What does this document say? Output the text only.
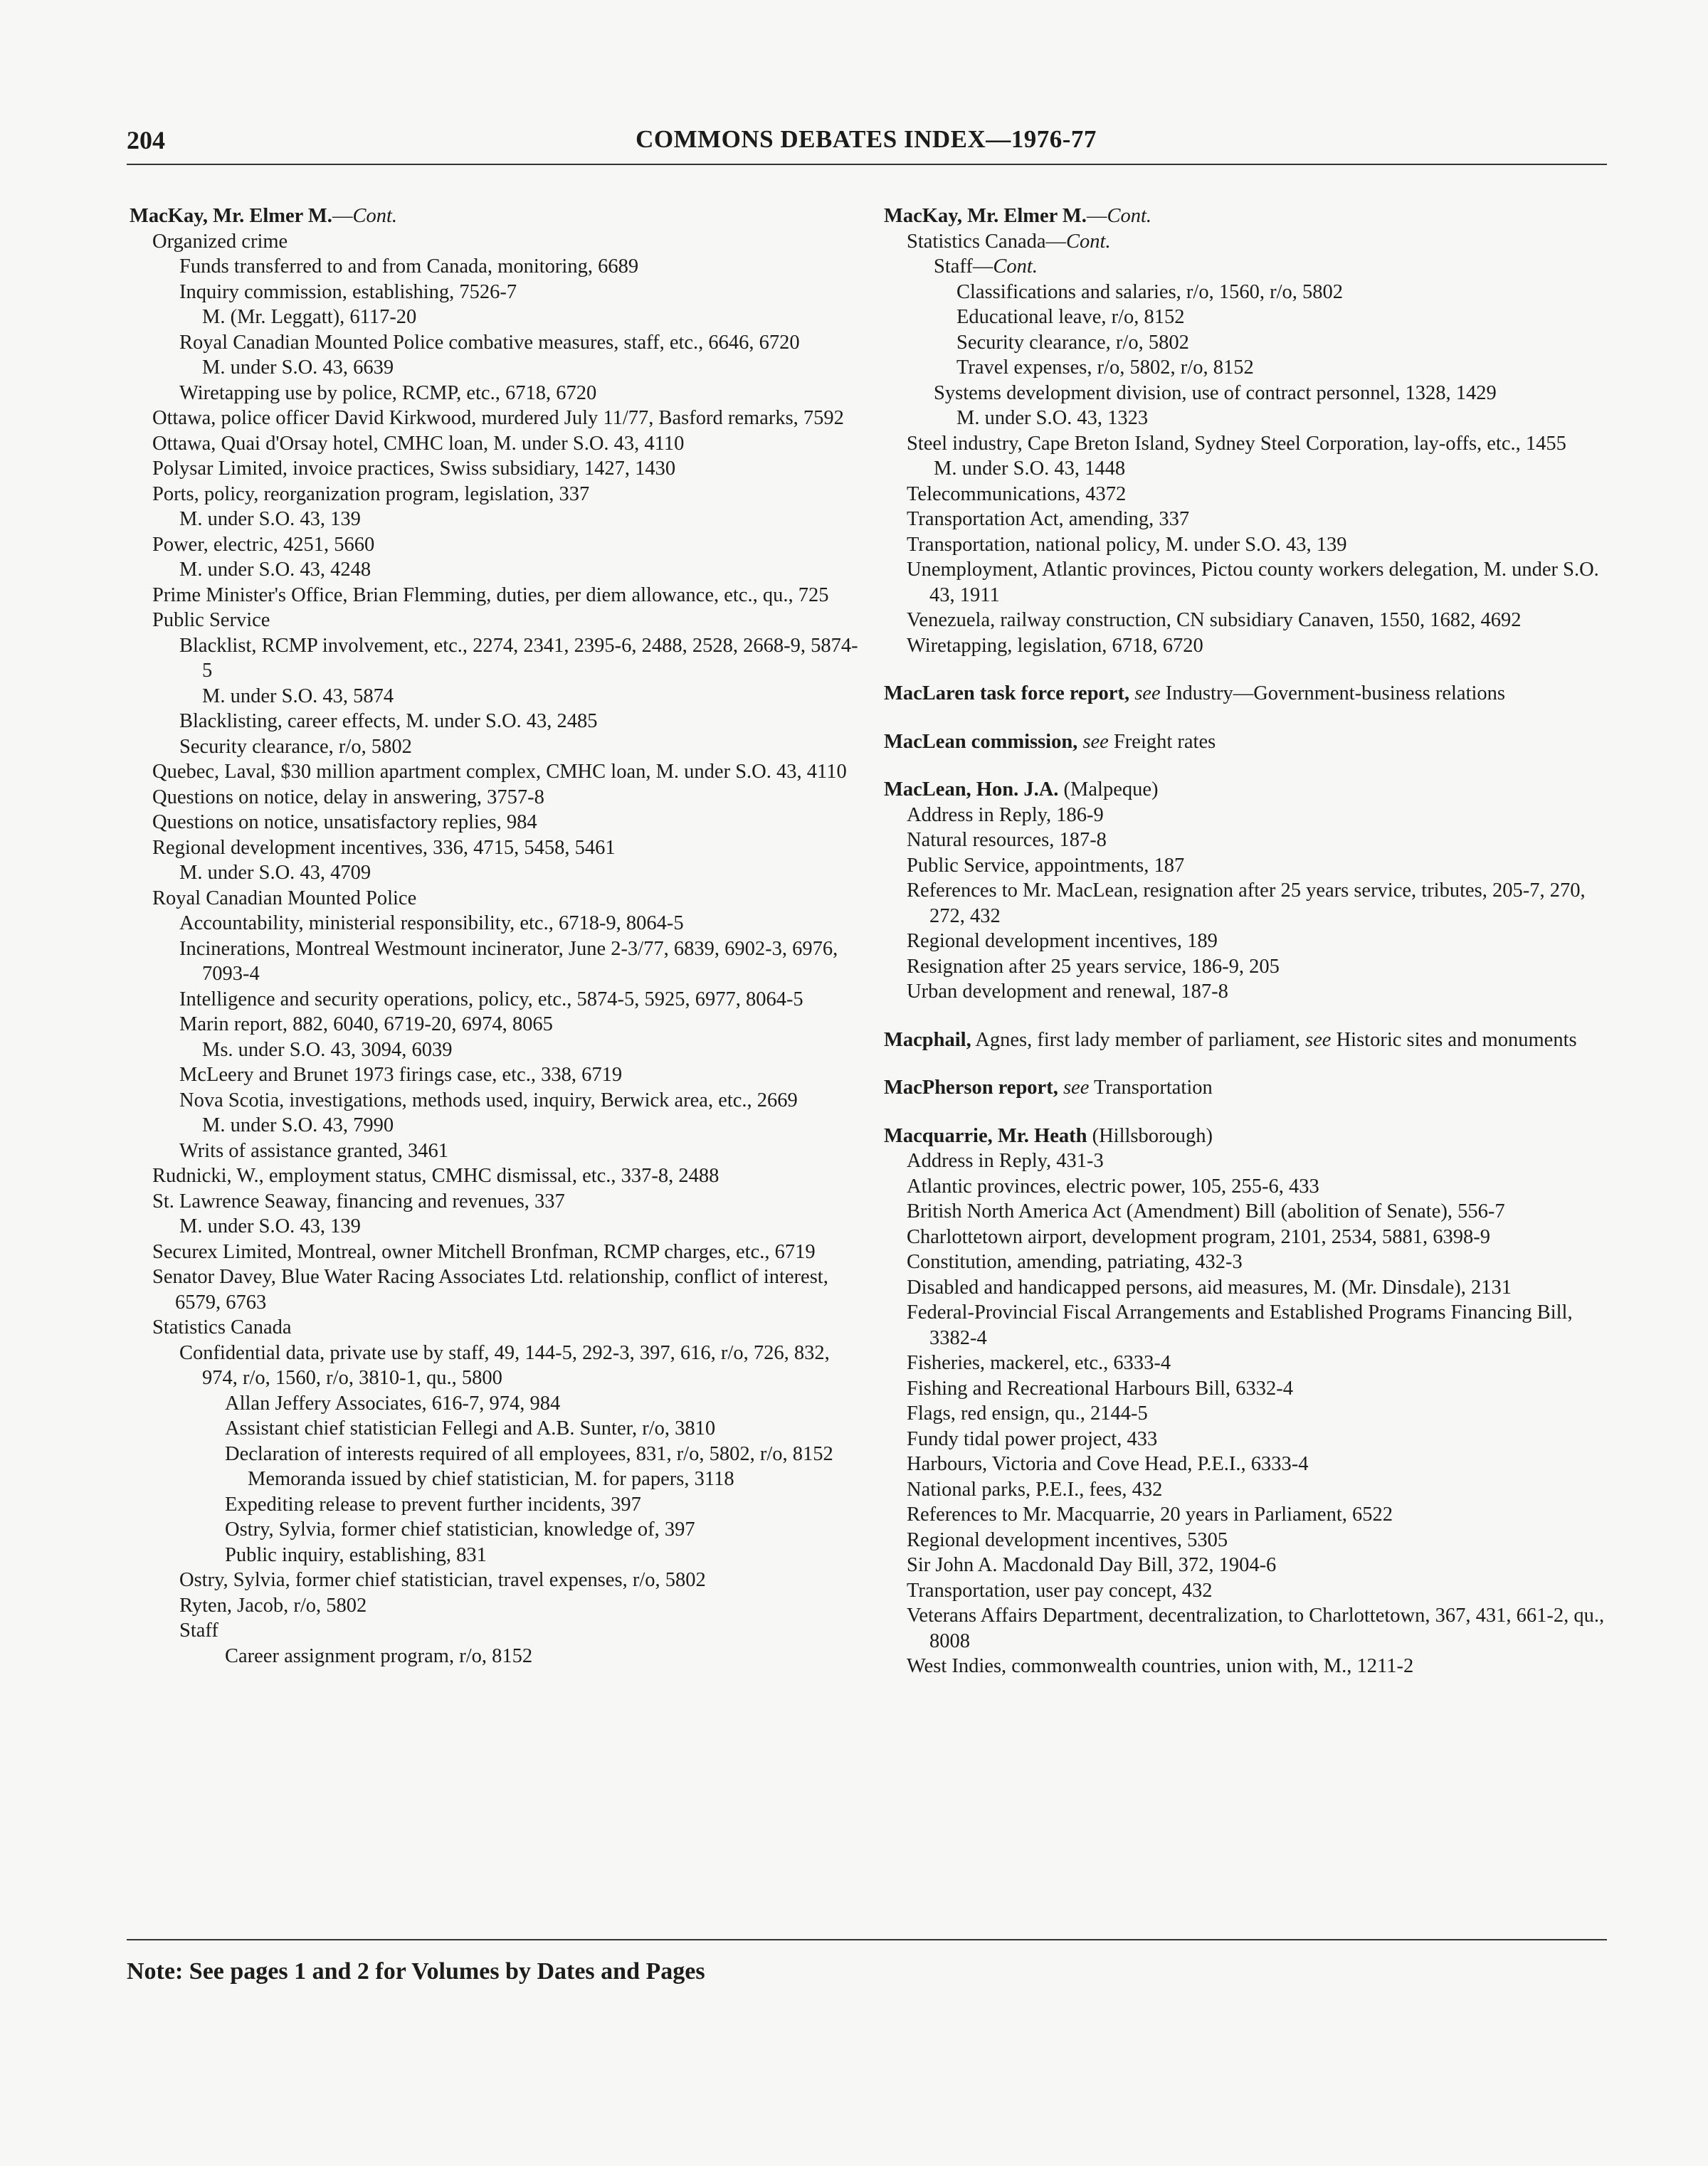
204	COMMONS DEBATES INDEX—1976-77
MacKay, Mr. Elmer M.—Cont.
Organized crime
Funds transferred to and from Canada, monitoring, 6689
Inquiry commission, establishing, 7526-7
M. (Mr. Leggatt), 6117-20
Royal Canadian Mounted Police combative measures, staff, etc., 6646, 6720
M. under S.O. 43, 6639
Wiretapping use by police, RCMP, etc., 6718, 6720
Ottawa, police officer David Kirkwood, murdered July 11/77, Basford remarks, 7592
Ottawa, Quai d'Orsay hotel, CMHC loan, M. under S.O. 43, 4110
Polysar Limited, invoice practices, Swiss subsidiary, 1427, 1430
Ports, policy, reorganization program, legislation, 337
M. under S.O. 43, 139
Power, electric, 4251, 5660
M. under S.O. 43, 4248
Prime Minister's Office, Brian Flemming, duties, per diem allowance, etc., qu., 725
Public Service
Blacklist, RCMP involvement, etc., 2274, 2341, 2395-6, 2488, 2528, 2668-9, 5874-5
M. under S.O. 43, 5874
Blacklisting, career effects, M. under S.O. 43, 2485
Security clearance, r/o, 5802
Quebec, Laval, $30 million apartment complex, CMHC loan, M. under S.O. 43, 4110
Questions on notice, delay in answering, 3757-8
Questions on notice, unsatisfactory replies, 984
Regional development incentives, 336, 4715, 5458, 5461
M. under S.O. 43, 4709
Royal Canadian Mounted Police
Accountability, ministerial responsibility, etc., 6718-9, 8064-5
Incinerations, Montreal Westmount incinerator, June 2-3/77, 6839, 6902-3, 6976, 7093-4
Intelligence and security operations, policy, etc., 5874-5, 5925, 6977, 8064-5
Marin report, 882, 6040, 6719-20, 6974, 8065
Ms. under S.O. 43, 3094, 6039
McLeery and Brunet 1973 firings case, etc., 338, 6719
Nova Scotia, investigations, methods used, inquiry, Berwick area, etc., 2669
M. under S.O. 43, 7990
Writs of assistance granted, 3461
Rudnicki, W., employment status, CMHC dismissal, etc., 337-8, 2488
St. Lawrence Seaway, financing and revenues, 337
M. under S.O. 43, 139
Securex Limited, Montreal, owner Mitchell Bronfman, RCMP charges, etc., 6719
Senator Davey, Blue Water Racing Associates Ltd. relationship, conflict of interest, 6579, 6763
Statistics Canada
Confidential data, private use by staff, 49, 144-5, 292-3, 397, 616, r/o, 726, 832, 974, r/o, 1560, r/o, 3810-1, qu., 5800
Allan Jeffery Associates, 616-7, 974, 984
Assistant chief statistician Fellegi and A.B. Sunter, r/o, 3810
Declaration of interests required of all employees, 831, r/o, 5802, r/o, 8152
Memoranda issued by chief statistician, M. for papers, 3118
Expediting release to prevent further incidents, 397
Ostry, Sylvia, former chief statistician, knowledge of, 397
Public inquiry, establishing, 831
Ostry, Sylvia, former chief statistician, travel expenses, r/o, 5802
Ryten, Jacob, r/o, 5802
Staff
Career assignment program, r/o, 8152
MacKay, Mr. Elmer M.—Cont.
Statistics Canada—Cont.
Staff—Cont.
Classifications and salaries, r/o, 1560, r/o, 5802
Educational leave, r/o, 8152
Security clearance, r/o, 5802
Travel expenses, r/o, 5802, r/o, 8152
Systems development division, use of contract personnel, 1328, 1429
M. under S.O. 43, 1323
Steel industry, Cape Breton Island, Sydney Steel Corporation, lay-offs, etc., 1455
M. under S.O. 43, 1448
Telecommunications, 4372
Transportation Act, amending, 337
Transportation, national policy, M. under S.O. 43, 139
Unemployment, Atlantic provinces, Pictou county workers delegation, M. under S.O. 43, 1911
Venezuela, railway construction, CN subsidiary Canaven, 1550, 1682, 4692
Wiretapping, legislation, 6718, 6720
MacLaren task force report, see Industry—Government-business relations
MacLean commission, see Freight rates
MacLean, Hon. J.A. (Malpeque)
Address in Reply, 186-9
Natural resources, 187-8
Public Service, appointments, 187
References to Mr. MacLean, resignation after 25 years service, tributes, 205-7, 270, 272, 432
Regional development incentives, 189
Resignation after 25 years service, 186-9, 205
Urban development and renewal, 187-8
Macphail, Agnes, first lady member of parliament, see Historic sites and monuments
MacPherson report, see Transportation
Macquarrie, Mr. Heath (Hillsborough)
Address in Reply, 431-3
Atlantic provinces, electric power, 105, 255-6, 433
British North America Act (Amendment) Bill (abolition of Senate), 556-7
Charlottetown airport, development program, 2101, 2534, 5881, 6398-9
Constitution, amending, patriating, 432-3
Disabled and handicapped persons, aid measures, M. (Mr. Dinsdale), 2131
Federal-Provincial Fiscal Arrangements and Established Programs Financing Bill, 3382-4
Fisheries, mackerel, etc., 6333-4
Fishing and Recreational Harbours Bill, 6332-4
Flags, red ensign, qu., 2144-5
Fundy tidal power project, 433
Harbours, Victoria and Cove Head, P.E.I., 6333-4
National parks, P.E.I., fees, 432
References to Mr. Macquarrie, 20 years in Parliament, 6522
Regional development incentives, 5305
Sir John A. Macdonald Day Bill, 372, 1904-6
Transportation, user pay concept, 432
Veterans Affairs Department, decentralization, to Charlottetown, 367, 431, 661-2, qu., 8008
West Indies, commonwealth countries, union with, M., 1211-2
Note: See pages 1 and 2 for Volumes by Dates and Pages
